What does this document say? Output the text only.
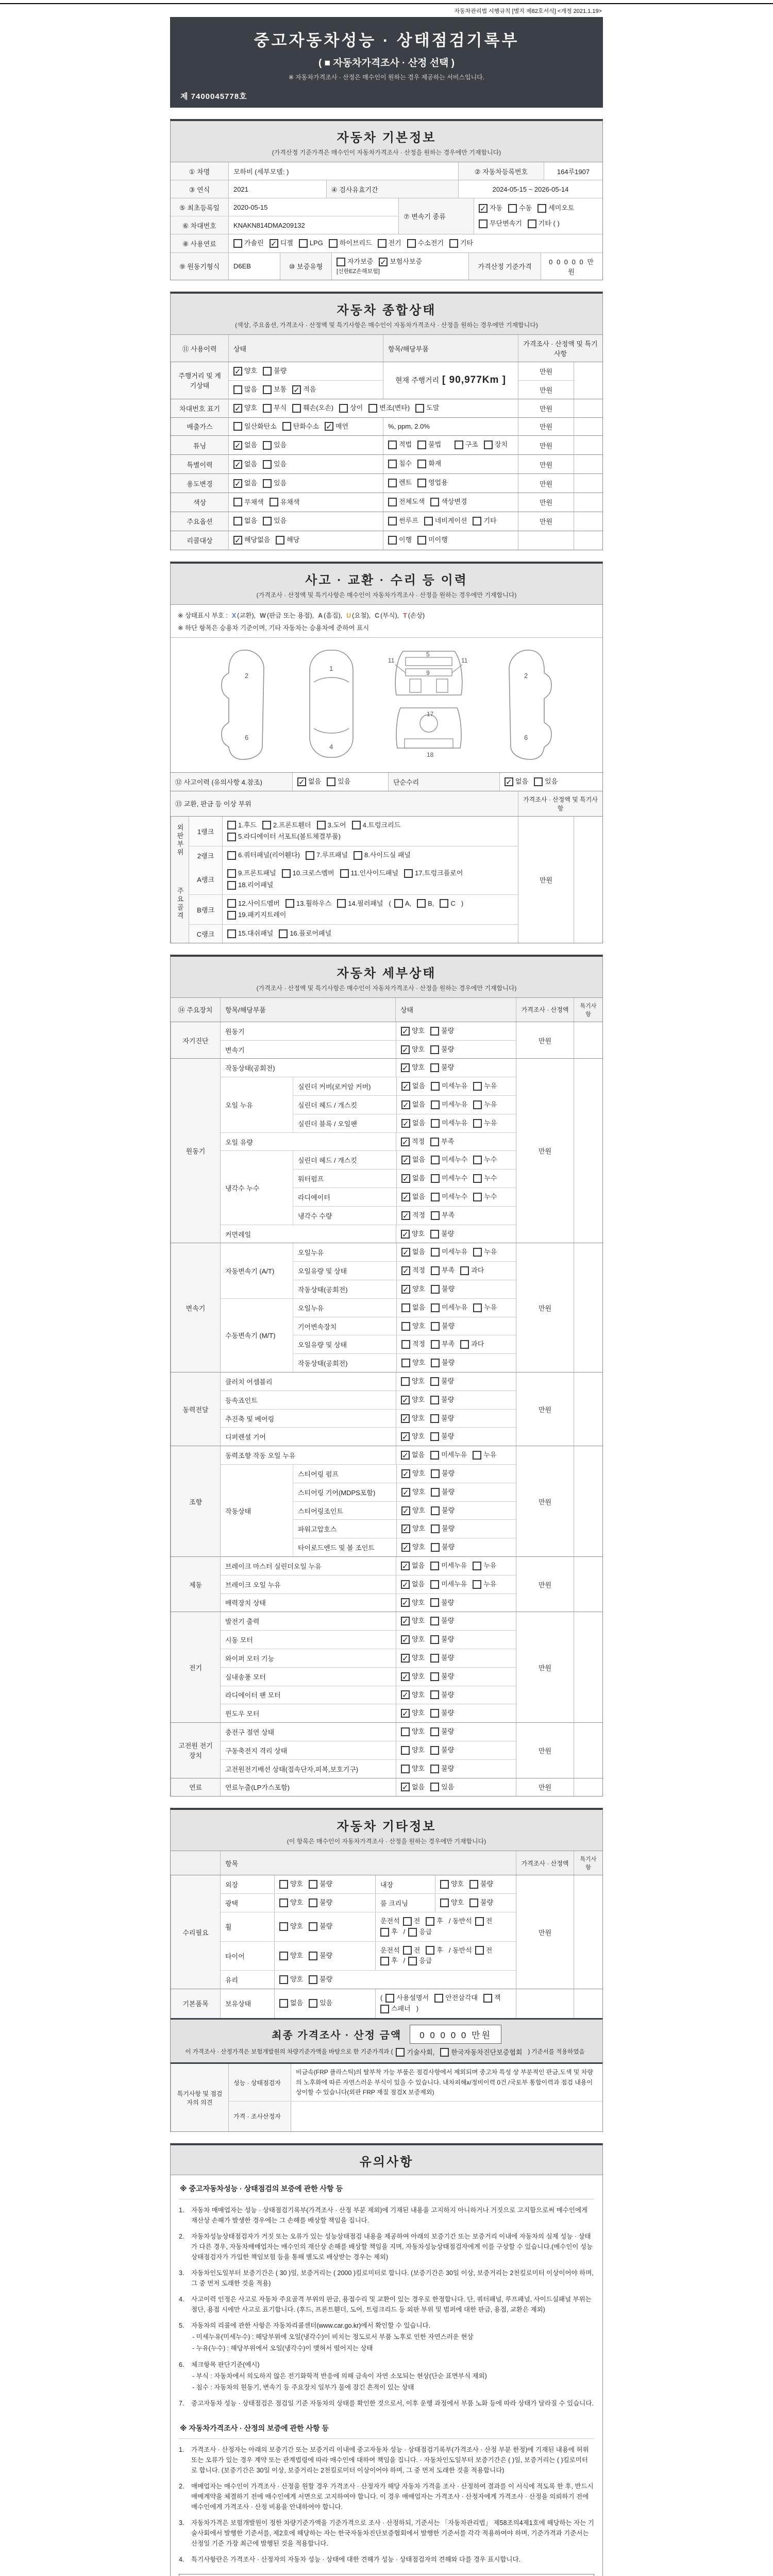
자동차관리법 시행규칙 [별지 제82호서식] <개정 2021.1.19>
중고자동차성능 · 상태점검기록부
( ■ 자동차가격조사 · 산정 선택 )
※ 자동차가격조사 · 산정은 매수인이 원하는 경우 제공하는 서비스입니다.
제 7400045778호
자동차 기본정보
(가격산정 기준가격은 매수인이 자동차가격조사 · 산정을 원하는 경우에만 기재합니다)
① 차명	모하비 (세부모델: )	② 자동차등록번호	164루1907
③ 연식	2021	④ 검사유효기간	2024-05-15 ~ 2026-05-14
⑤ 최초등록일	2020-05-15
⑥ 차대번호	KNAKN814DMA209132
⑦ 변속기 종류
✓
자동 수동 세미오토
무단변속기 기타 ( )
⑧ 사용연료	가솔린 ✓ 디젤 LPG 하이브리드 전기 수소전기 기타
⑨ 원동기형식	D6EB	⑩ 보증유형
자가보증 ✓ 보험사보증
[신한EZ손해보험]
가격산정 기준가격
0 0 0 0 0 만원
자동차 종합상태
(색상, 주요옵션, 가격조사 · 산정액 및 특기사항은 매수인이 자동차가격조사 · 산정을 원하는 경우에만 기재합니다)
⑪ 사용이력	상태	항목/해당부품
가격조사 · 산정액 및 특기사항
주행거리 및 계기상태
✓
양호 불량
많음 보통 ✓ 적음
현재 주행거리 [ 90,977Km ]
만원
만원
차대번호 표기 ✓	양호 부식 훼손(오손) 상이 변조(변타) 도말	만원
배출가스	일산화탄소 탄화수소 ✓ 매연	%, ppm, 2.0%	만원
튜닝 ✓	없음 있음	적법 불법	구조 장치	만원
특별이력 ✓	없음 있음	침수 화재	만원
용도변경 ✓	없음 있음	렌트 영업용	만원
색상	무채색 유채색	전체도색 색상변경	만원
주요옵션	없음 있음	썬루프 네비게이션 기타	만원
리콜대상 ✓	해당없음 해당	이행 미이행
사고 · 교환 · 수리 등 이력
(가격조사 · 산정액 및 특기사항은 매수인이 자동차가격조사 · 산정을 원하는 경우에만 기재합니다)
※ 상태표시 부호 : X (교환), W (판금 또는 용접), A (흠집), U (요철), C (부식), T (손상)
※ 하단 항목은 승용차 기준이며, 기타 자동차는 승용차에 준하여 표시
2
6
1
4
5
9
11	11
18
17
2
6
⑫ 사고이력 (유의사항 4.참조) ✓	없음 있음	단순수리 ✓	없음 있음
⑬ 교환, 판금 등 이상 부위
가격조사 · 산정액 및 특기사항
외판부위	1랭크
1.후드 2.프론트휀더 3.도어 4.트렁크리드
5.라디에이터 서포트(볼트체결부품)
2랭크	6.쿼터패널(리어휀다) 7.루프패널 8.사이드실 패널
주요골격
A랭크
9.프론트패널 10.크로스멤버 11.인사이드패널 17.트렁크플로어
18.리어패널
B랭크
12.사이드멤버 13.휠하우스 14.필러패널 ( A, B, C )
19.패키지트레이
C랭크	15.대쉬패널 16.플로어패널
만원
자동차 세부상태
(가격조사 · 산정액 및 특기사항은 매수인이 자동차가격조사 · 산정을 원하는 경우에만 기재합니다)
⑭ 주요장치	항목/해당부품	상태	가격조사 · 산정액
특기사항
자기진단
원동기 ✓	양호 불량
변속기 ✓	양호 불량
만원
원동기
작동상태(공회전) ✓	양호 불량
오일 누유
실린더 커버(로커암 커버) ✓	없음 미세누유 누유
실린더 헤드 / 개스킷 ✓	없음 미세누유 누유
실린더 블록 / 오일팬 ✓	없음 미세누유 누유
오일 유량 ✓	적정 부족
냉각수 누수
실린더 헤드 / 개스킷 ✓	없음 미세누수 누수
워터펌프 ✓	없음 미세누수 누수
라디에이터 ✓	없음 미세누수 누수
냉각수 수량 ✓	적정 부족
커먼레일 ✓	양호 불량
만원
변속기
자동변속기 (A/T)
오일누유 ✓	없음 미세누유 누유
오일유량 및 상태 ✓	적정 부족 과다
작동상태(공회전) ✓	양호 불량
수동변속기 (M/T)
오일누유	없음 미세누유 누유
기어변속장치	양호 불량
오일유량 및 상태	적정 부족 과다
작동상태(공회전)	양호 불량
만원
동력전달
클러치 어셈블리	양호 불량
등속죠인트 ✓	양호 불량
추진축 및 베어링 ✓	양호 불량
디퍼렌셜 기어 ✓	양호 불량
만원
조향
동력조향 작동 오일 누유 ✓	없음 미세누유 누유
작동상태
스티어링 펌프 ✓	양호 불량
스티어링 기어(MDPS포함) ✓	양호 불량
스티어링조인트 ✓	양호 불량
파워고압호스 ✓	양호 불량
타이로드엔드 및 볼 조인트 ✓	양호 불량
만원
제동
브레이크 마스터 실린더오일 누유 ✓	없음 미세누유 누유
브레이크 오일 누유 ✓	없음 미세누유 누유
배력장치 상태 ✓	양호 불량
만원
전기
발전기 출력 ✓	양호 불량
시동 모터 ✓	양호 불량
와이퍼 모터 기능 ✓	양호 불량
실내송풍 모터 ✓	양호 불량
라디에이터 팬 모터 ✓	양호 불량
윈도우 모터 ✓	양호 불량
만원
고전원 전기장치
충전구 절연 상태	양호 불량
구동축전지 격리 상태	양호 불량
고전원전기배선 상태(접속단자,피복,보호기구)	양호 불량
만원
연료	연료누출(LP가스포함) ✓	없음 있음	만원
자동차 기타정보
(이 항목은 매수인이 자동차가격조사 · 산정을 원하는 경우에만 기재합니다)
항목	가격조사 · 산정액
특기사항
수리필요
외장	양호 불량	내장	양호 불량
광택	양호 불량	룸 크리닝	양호 불량
휠	양호 불량
운전석 전 후 / 동반석 전
후 / 응급
타이어	양호 불량
운전석 전 후 / 동반석 전
후 / 응급
유리	양호 불량
만원
기본품목	보유상태	없음 있음
( 사용설명서 안전삼각대 잭
스패너 )
최종 가격조사 · 산정 금액	0 0 0 0 0 만원
이 가격조사 · 산정가격은 보험개발원의 차량기준가액을 바탕으로 한 기준가격과 ( 기술사회, 한국자동차진단보증협회 ) 기준서를 적용하였음
특기사항 및 점검자의 의견
성능 · 상태점검자
비금속(FRP 플라스틱)의 탈부착 가능 부품은 점검사항에서 제외되며 중고차 특성 상 부분적인 판금,도색 및 차량의 노후화에 따른 자연스러운 부식이 있을 수 있습니다. 내차피해x/정비이력 0건 /국토부 통합이력과 점검 내용이 상이할 수 있습니다(외판 FRP 재질 점검X 보증제외)
가격 · 조사산정자
유의사항
※ 중고자동차성능 · 상태점검의 보증에 관한 사항 등
1.	자동차 매매업자는 성능 · 상태점검기록부(가격조사 · 산정 부분 제외)에 기재된 내용을 고지하지 아니하거나 거짓으로 고지함으로써 매수인에게 재산상 손해가 발생한 경우에는 그 손해를 배상할 책임을 집니다.
2.	자동차성능상태점검자가 거짓 또는 오류가 있는 성능상태점검 내용을 제공하여 아래의 보증기간 또는 보증거리 이내에 자동차의 실제 성능 · 상태가 다른 경우, 자동차매매업자는 매수인의 재산상 손해를 배상할 책임을 지며, 자동차성능상태점검자에게 이를 구상할 수 있습니다.(매수인이 성능상태점검자가 가입한 책임보험 등을 통해 별도로 배상받는 경우는 제외)
3.	자동차인도일부터 보증기간은 ( 30 )일, 보증거리는 ( 2000 )킬로미터로 합니다. (보증기간은 30일 이상, 보증거리는 2천킬로미터 이상이어야 하며, 그 중 먼저 도래한 것을 적용)
4.	사고이력 인정은 사고로 자동차 주요골격 부위의 판금, 용접수리 및 교환이 있는 경우로 한정합니다. 단, 쿼터패널, 루프패널, 사이드실패널 부위는 절단, 용접 시에만 사고로 표기합니다. (후드, 프론트휀더, 도어, 트렁크리드 등 외판 부위 및 범퍼에 대한 판금, 용접, 교환은 제외)
5.	자동차의 리콜에 관한 사항은 자동차리콜센터(www.car.go.kr)에서 확인할 수 있습니다.
- 미세누유(미세누수) : 해당부위에 오일(냉각수)이 비치는 정도로서 부품 노후로 인한 자연스러운 현상
- 누유(누수) : 해당부위에서 오일(냉각수)이 맺혀서 떨어지는 상태
6.	체크항목 판단기준(예시)
- 부식 : 자동차에서 의도하지 않은 전기화학적 반응에 의해 금속이 자연 소모되는 현상(단순 표면부식 제외)
- 침수 : 자동차의 원동기, 변속기 등 주요장치 일부가 물에 잠긴 흔적이 있는 상태
7.	중고자동차 성능 · 상태점검은 점검일 기준 자동차의 상태를 확인한 것으로서, 이후 운행 과정에서 부품 노화 등에 따라 상태가 달라질 수 있습니다.
※ 자동차가격조사 · 산정의 보증에 관한 사항 등
1.	가격조사 · 산정자는 아래의 보증기간 또는 보증거리 이내에 중고자동차 성능 · 상태점검기록부(가격조사 · 산정 부분 한정)에 기재된 내용에 허위 또는 오류가 있는 경우 계약 또는 관계법령에 따라 매수인에 대하여 책임을 집니다. · 자동차인도일부터 보증기간은 ( )일, 보증거리는 ( )킬로미터로 합니다. (보증기간은 30일 이상, 보증거리는 2천킬로미터 이상이어야 하며, 그 중 먼저 도래한 것을 적용합니다)
2.	매매업자는 매수인이 가격조사 · 산정을 원할 경우 가격조사 · 산정자가 해당 자동차 가격을 조사 · 산정하여 결과를 이 서식에 적도록 한 후, 반드시 매매계약을 체결하기 전에 매수인에게 서면으로 고지하여야 합니다. 이 경우 매매업자는 가격조사 · 산정자에게 가격조사 · 산정을 의뢰하기 전에 매수인에게 가격조사 · 산정 비용을 안내하여야 합니다.
3.	자동차가격은 보험개발원이 정한 차량기준가액을 기준가격으로 조사 · 산정하되, 기준서는 「자동차관리법」 제58조의4제1호에 해당하는 자는 기술사회에서 발행한 기준서를, 제2호에 해당하는 자는 한국자동차진단보증협회에서 발행한 기준서를 각각 적용하여야 하며, 기준가격과 기준서는 산정일 기준 가장 최근에 발행된 것을 적용합니다.
4.	특기사항란은 가격조사 · 산정자의 자동차 성능 · 상태에 대한 견해가 성능 · 상태점검자의 견해와 다를 경우 표시합니다.
